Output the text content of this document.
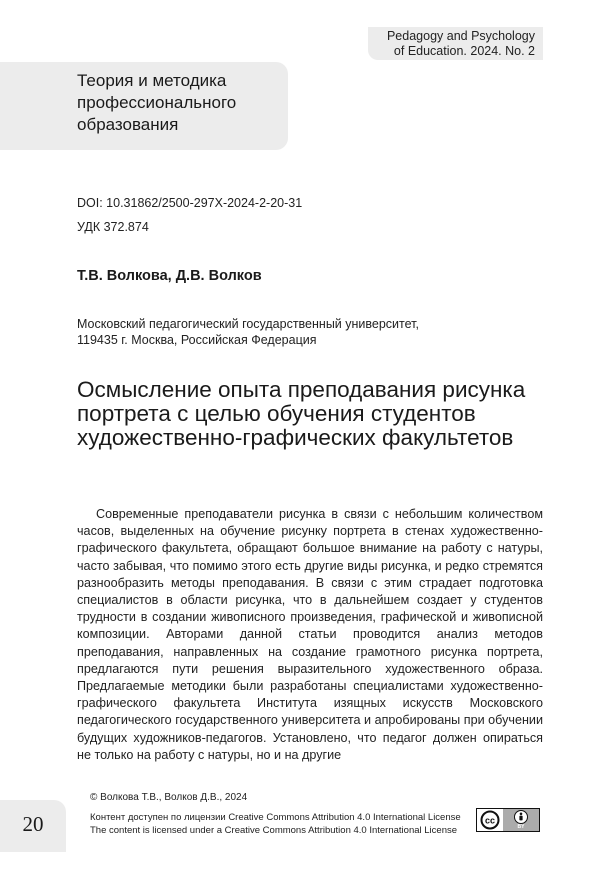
Pedagogy and Psychology
of Education. 2024. No. 2
Теория и методика профессионального образования
DOI: 10.31862/2500-297X-2024-2-20-31
УДК 372.874
Т.В. Волкова, Д.В. Волков
Московский педагогический государственный университет,
119435 г. Москва, Российская Федерация
Осмысление опыта преподавания рисунка портрета с целью обучения студентов художественно-графических факультетов

Современные преподаватели рисунка в связи с небольшим количеством часов, выделенных на обучение рисунку портрета в стенах художественно-графического факультета, обращают большое внимание на работу с натуры, часто забывая, что помимо этого есть другие виды рисунка, и редко стремятся разнообразить методы преподавания. В связи с этим страдает подготовка специалистов в области рисунка, что в дальнейшем создает у студентов трудности в создании живописного произведения, графической и живописной композиции. Авторами данной статьи проводится анализ методов преподавания, направленных на создание грамотного рисунка портрета, предлагаются пути решения выразительного художественного образа. Предлагаемые методики были разработаны специалистами художественно-графического факультета Института изящных искусств Московского педагогического государственного университета и апробированы при обучении будущих художников-педагогов. Установлено, что педагог должен опираться не только на работу с натуры, но и на другие

20
© Волкова Т.В., Волков Д.В., 2024
Контент доступен по лицензии Creative Commons Attribution 4.0 International License
The content is licensed under a Creative Commons Attribution 4.0 International License
cc
BY
